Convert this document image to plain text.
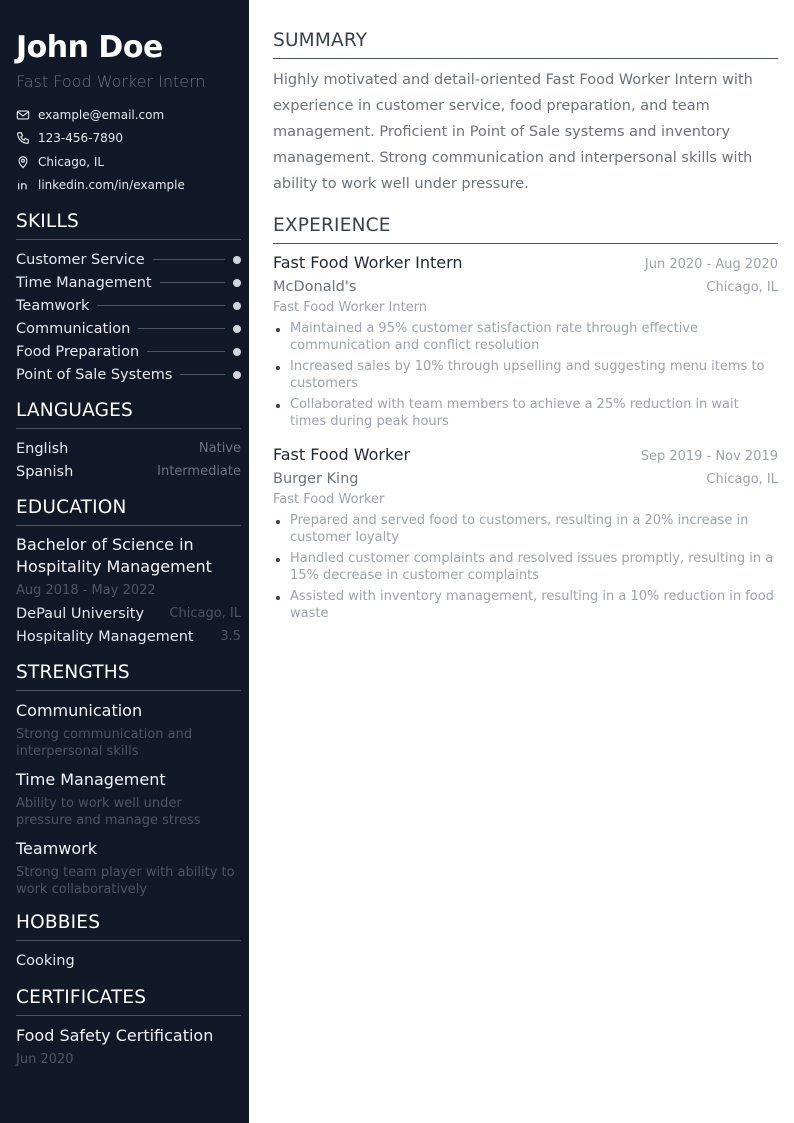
John Doe
Fast Food Worker Intern
example@email.com
123-456-7890
Chicago, IL
linkedin.com/in/example
SKILLS
Customer Service
Time Management
Teamwork
Communication
Food Preparation
Point of Sale Systems
LANGUAGES
English	Native
Spanish	Intermediate
EDUCATION
Bachelor of Science in Hospitality Management
Aug 2018 - May 2022
DePaul University Chicago, IL
Hospitality Management 3.5
STRENGTHS
Communication
Strong communication and interpersonal skills
Time Management
Ability to work well under pressure and manage stress
Teamwork
Strong team player with ability to work collaboratively
HOBBIES
Cooking
CERTIFICATES
Food Safety Certification
Jun 2020
SUMMARY

Highly motivated and detail-oriented Fast Food Worker Intern with experience in customer service, food preparation, and team management. Proficient in Point of Sale systems and inventory management. Strong communication and interpersonal skills with ability to work well under pressure.

EXPERIENCE
Fast Food Worker Intern	Jun 2020 - Aug 2020
McDonald's	Chicago, IL
Fast Food Worker Intern
Maintained a 95% customer satisfaction rate through effective communication and conflict resolution
Increased sales by 10% through upselling and suggesting menu items to customers
Collaborated with team members to achieve a 25% reduction in wait times during peak hours
Fast Food Worker	Sep 2019 - Nov 2019
Burger King	Chicago, IL
Fast Food Worker
Prepared and served food to customers, resulting in a 20% increase in customer loyalty
Handled customer complaints and resolved issues promptly, resulting in a 15% decrease in customer complaints
Assisted with inventory management, resulting in a 10% reduction in food waste
